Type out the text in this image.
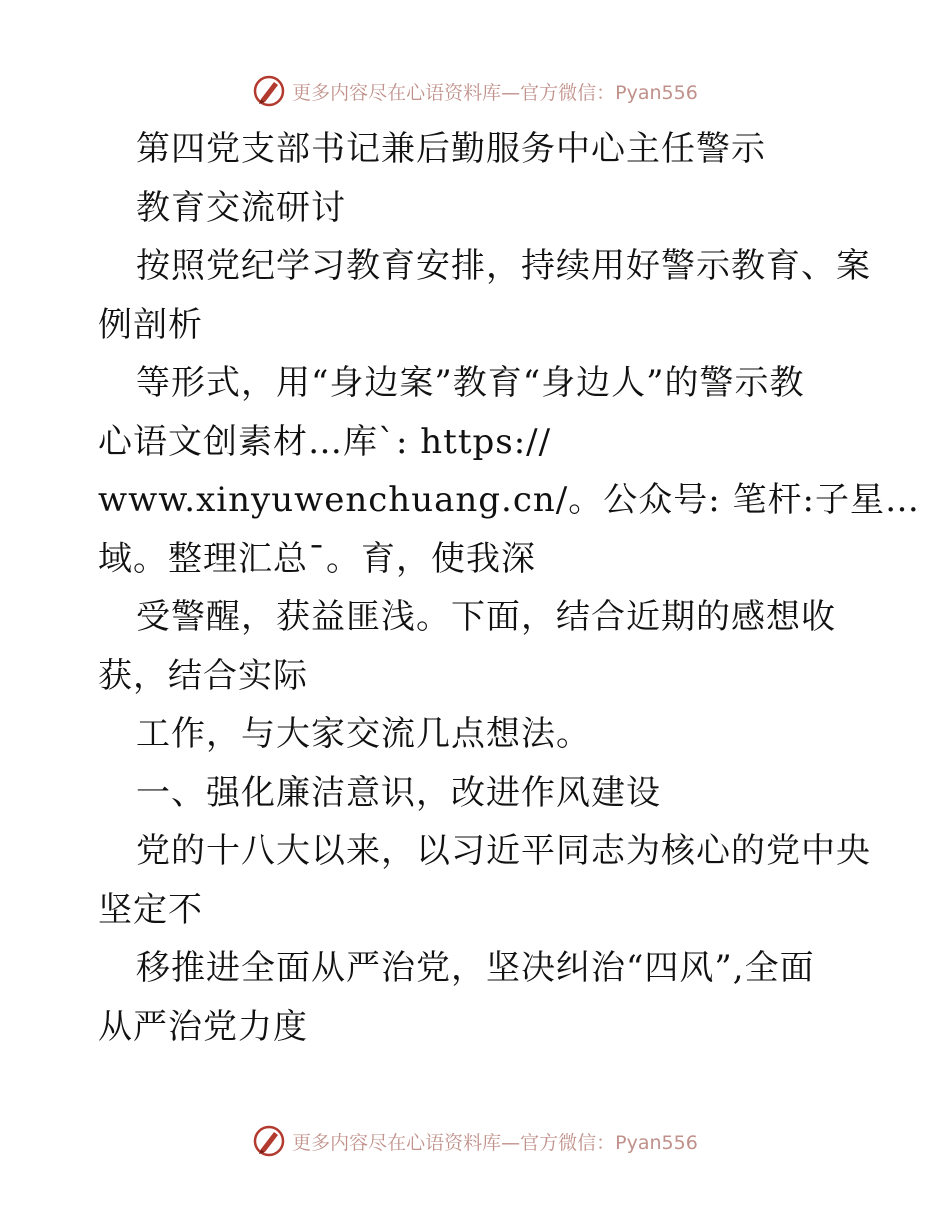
更多内容尽在心语资料库—官方微信：Pyan556
第四党支部书记兼后勤服务中心主任警示
教育交流研讨
按照党纪学习教育安排，持续用好警示教育、案
例剖析
等形式，用“身边案”教育“身边人”的警示教
心语文创素材…库`: https://
www.xinyuwenchuang.cn/。公众号: 笔杆:子星…
域。整理汇总¯。育，使我深
受警醒，获益匪浅。下面，结合近期的感想收
获，结合实际
工作，与大家交流几点想法。
一、强化廉洁意识，改进作风建设
党的十八大以来，以习近平同志为核心的党中央
坚定不
移推进全面从严治党，坚决纠治“四风”,全面
从严治党力度
更多内容尽在心语资料库—官方微信：Pyan556
